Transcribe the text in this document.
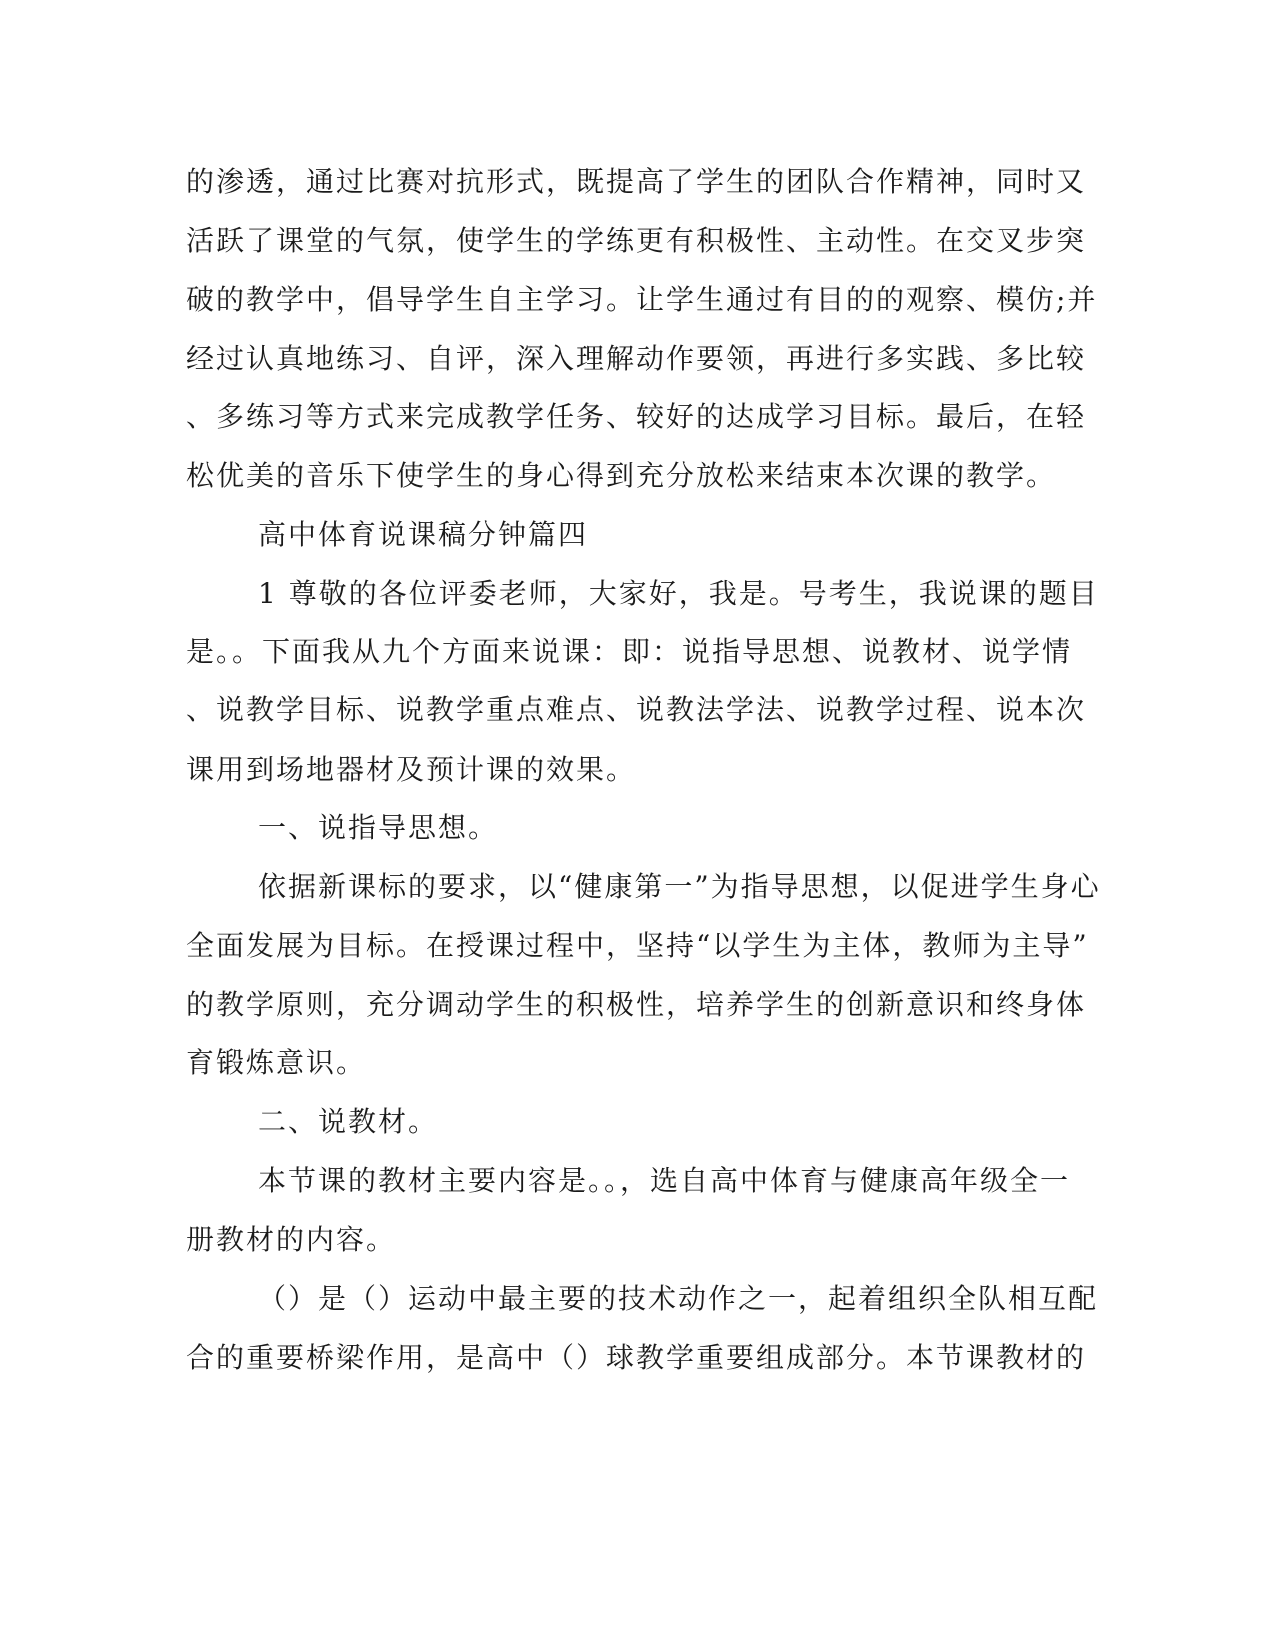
的渗透，通过比赛对抗形式，既提高了学生的团队合作精神，同时又
活跃了课堂的气氛，使学生的学练更有积极性、主动性。在交叉步突
破的教学中，倡导学生自主学习。让学生通过有目的的观察、模仿;并
经过认真地练习、自评，深入理解动作要领，再进行多实践、多比较
、多练习等方式来完成教学任务、较好的达成学习目标。最后，在轻
松优美的音乐下使学生的身心得到充分放松来结束本次课的教学。
高中体育说课稿分钟篇四
1 尊敬的各位评委老师，大家好，我是。号考生，我说课的题目
是。。下面我从九个方面来说课：即：说指导思想、说教材、说学情
、说教学目标、说教学重点难点、说教法学法、说教学过程、说本次
课用到场地器材及预计课的效果。
一、说指导思想。
依据新课标的要求，以“健康第一”为指导思想，以促进学生身心
全面发展为目标。在授课过程中，坚持“以学生为主体，教师为主导”
的教学原则，充分调动学生的积极性，培养学生的创新意识和终身体
育锻炼意识。
二、说教材。
本节课的教材主要内容是。。，选自高中体育与健康高年级全一
册教材的内容。
（）是（）运动中最主要的技术动作之一，起着组织全队相互配
合的重要桥梁作用，是高中（）球教学重要组成部分。本节课教材的
